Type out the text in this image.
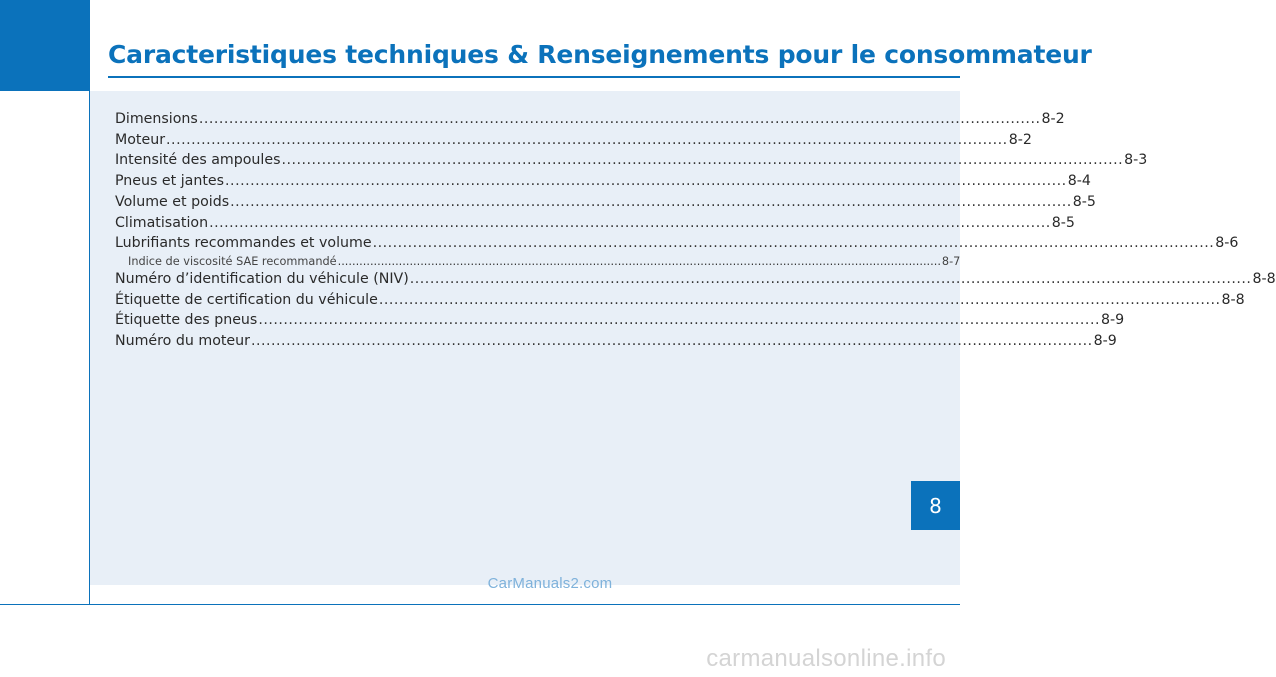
Caracteristiques techniques & Renseignements pour le consommateur
Dimensions .....	8-2
Moteur .....	8-2
Intensité des ampoules .....	8-3
Pneus et jantes .....	8-4
Volume et poids .....	8-5
Climatisation .....	8-5
Lubrifiants recommandes et volume .....	8-6
Indice de viscosité SAE recommandé .....	8-7
Numéro d’identification du véhicule (NIV) .....	8-8
Étiquette de certification du véhicule .....	8-8
Étiquette des pneus .....	8-9
Numéro du moteur .....	8-9
8
CarManuals2.com
carmanualsonline.info
